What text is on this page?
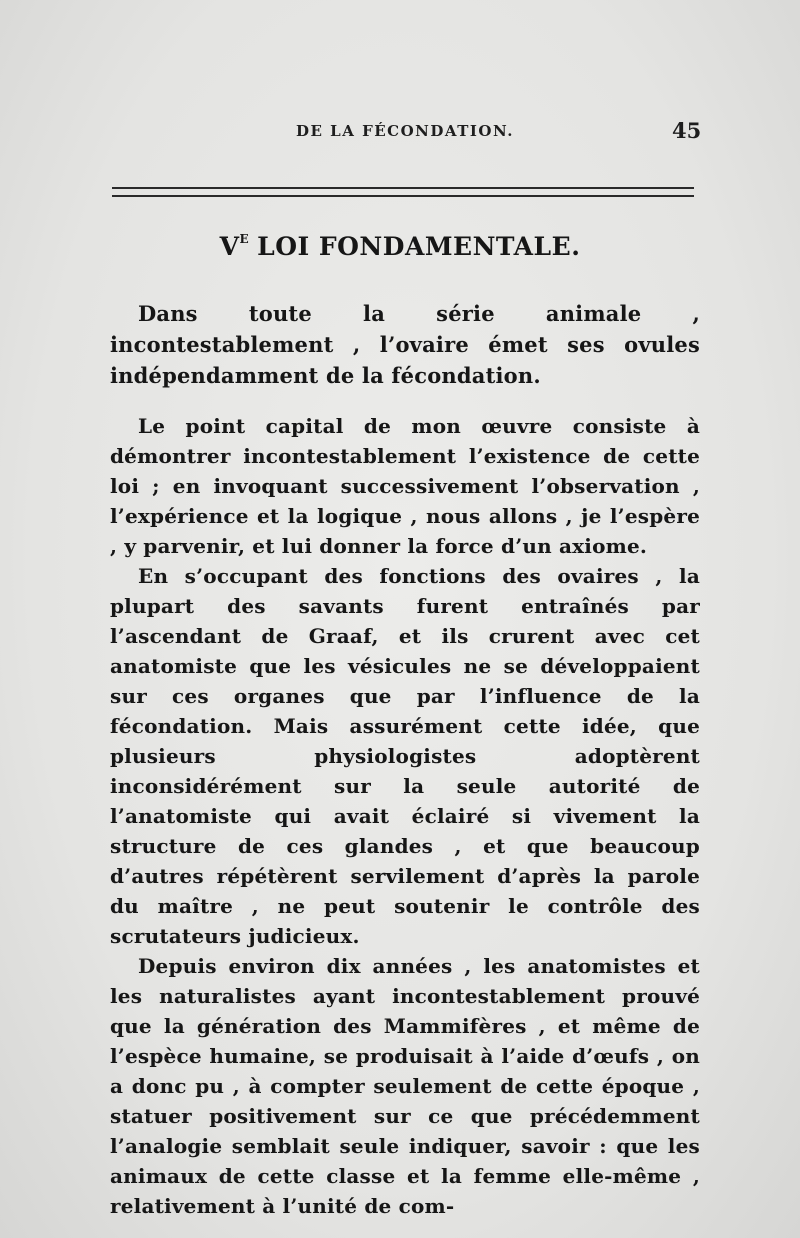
DE LA FÉCONDATION.	45
$V^E$ LOI FONDAMENTALE.

Dans toute la série animale , incontestablement , l’ovaire émet ses ovules indépendamment de la fécondation.

Le point capital de mon œuvre consiste à démontrer incontestablement l’existence de cette loi ; en invoquant successivement l’observation , l’expérience et la logique , nous allons , je l’espère , y parvenir, et lui donner la force d’un axiome.

En s’occupant des fonctions des ovaires , la plupart des savants furent entraînés par l’ascendant de Graaf, et ils crurent avec cet anatomiste que les vésicules ne se développaient sur ces organes que par l’influence de la fécondation. Mais assurément cette idée, que plusieurs physiologistes adoptèrent inconsidérément sur la seule autorité de l’anatomiste qui avait éclairé si vivement la structure de ces glandes , et que beaucoup d’autres répétèrent servilement d’après la parole du maître , ne peut soutenir le contrôle des scrutateurs judicieux.

Depuis environ dix années , les anatomistes et les naturalistes ayant incontestablement prouvé que la génération des Mammifères , et même de l’espèce humaine, se produisait à l’aide d’œufs , on a donc pu , à compter seulement de cette époque , statuer positivement sur ce que précédemment l’analogie semblait seule indiquer, savoir : que les animaux de cette classe et la femme elle-même , relativement à l’unité de com-
